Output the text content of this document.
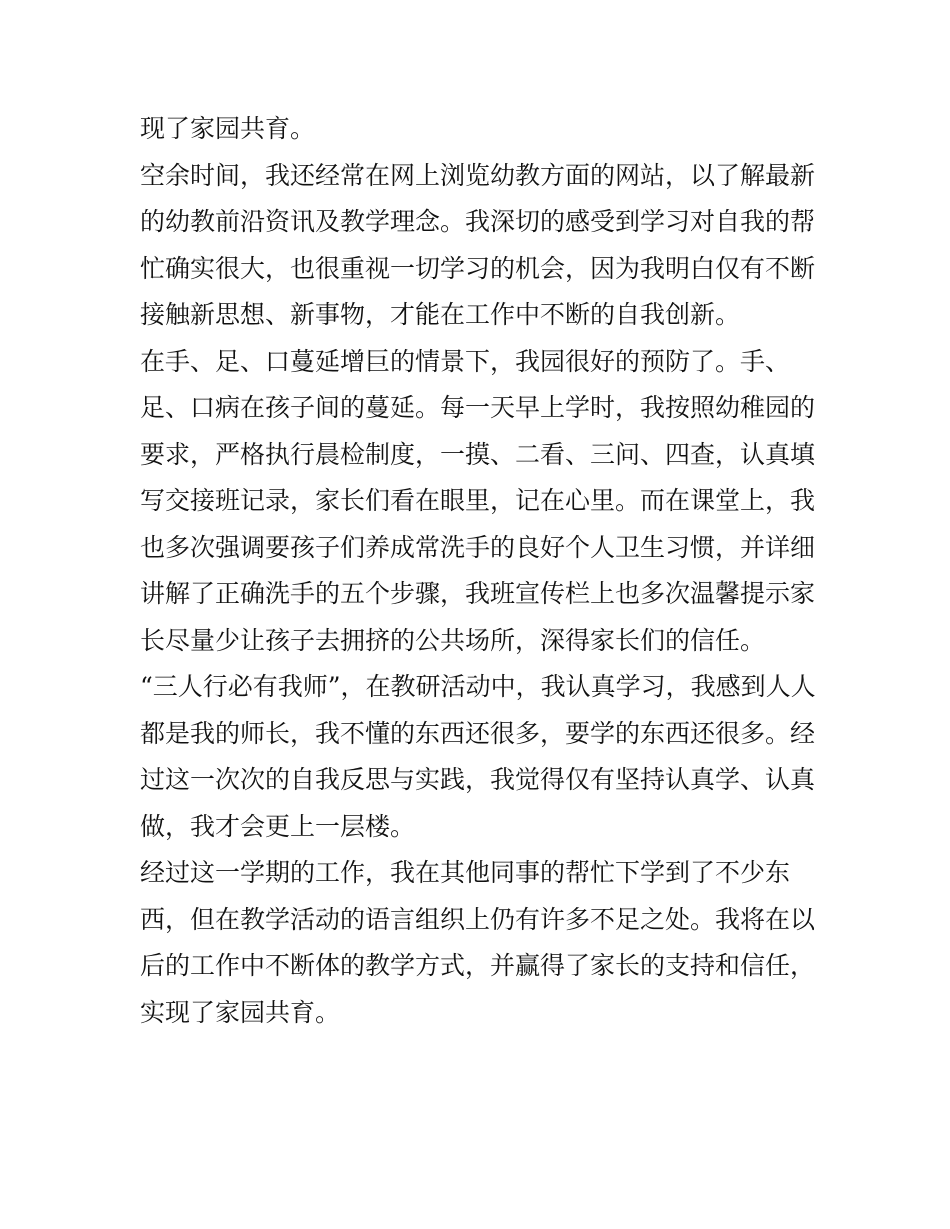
现了家园共育。

空余时间，我还经常在网上浏览幼教方面的网站，以了解最新

的幼教前沿资讯及教学理念。我深切的感受到学习对自我的帮

忙确实很大，也很重视一切学习的机会，因为我明白仅有不断

接触新思想、新事物，才能在工作中不断的自我创新。

在手、足、口蔓延增巨的情景下，我园很好的预防了。手、

足、口病在孩子间的蔓延。每一天早上学时，我按照幼稚园的

要求，严格执行晨检制度，一摸、二看、三问、四查，认真填

写交接班记录，家长们看在眼里，记在心里。而在课堂上，我

也多次强调要孩子们养成常洗手的良好个人卫生习惯，并详细

讲解了正确洗手的五个步骤，我班宣传栏上也多次温馨提示家

长尽量少让孩子去拥挤的公共场所，深得家长们的信任。

“三人行必有我师”，在教研活动中，我认真学习，我感到人人

都是我的师长，我不懂的东西还很多，要学的东西还很多。经

过这一次次的自我反思与实践，我觉得仅有坚持认真学、认真

做，我才会更上一层楼。

经过这一学期的工作，我在其他同事的帮忙下学到了不少东

西，但在教学活动的语言组织上仍有许多不足之处。我将在以

后的工作中不断体的教学方式，并赢得了家长的支持和信任，

实现了家园共育。
